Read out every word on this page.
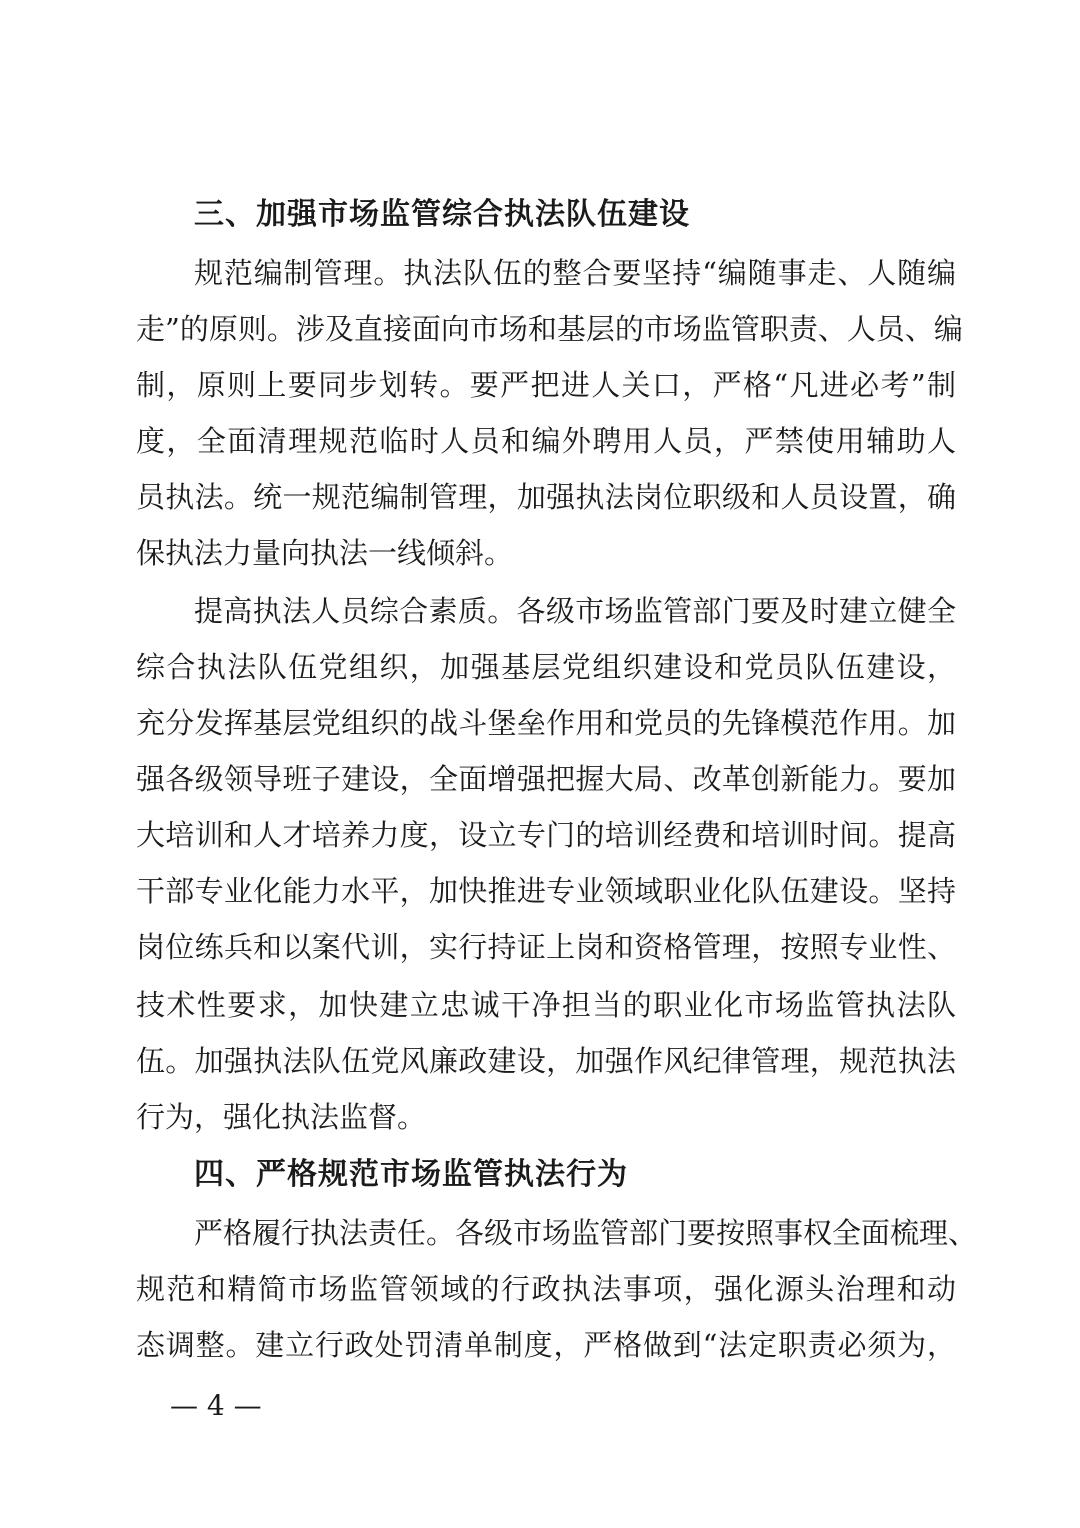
三、加强市场监管综合执法队伍建设
规范编制管理。执法队伍的整合要坚持“编随事走、人随编
走”的原则。涉及直接面向市场和基层的市场监管职责、人员、编
制，原则上要同步划转。要严把进人关口，严格“凡进必考”制
度，全面清理规范临时人员和编外聘用人员，严禁使用辅助人
员执法。统一规范编制管理，加强执法岗位职级和人员设置，确
保执法力量向执法一线倾斜。
提高执法人员综合素质。各级市场监管部门要及时建立健全
综合执法队伍党组织，加强基层党组织建设和党员队伍建设，
充分发挥基层党组织的战斗堡垒作用和党员的先锋模范作用。加
强各级领导班子建设，全面增强把握大局、改革创新能力。要加
大培训和人才培养力度，设立专门的培训经费和培训时间。提高
干部专业化能力水平，加快推进专业领域职业化队伍建设。坚持
岗位练兵和以案代训，实行持证上岗和资格管理，按照专业性、
技术性要求，加快建立忠诚干净担当的职业化市场监管执法队
伍。加强执法队伍党风廉政建设，加强作风纪律管理，规范执法
行为，强化执法监督。
四、严格规范市场监管执法行为
严格履行执法责任。各级市场监管部门要按照事权全面梳理、
规范和精简市场监管领域的行政执法事项，强化源头治理和动
态调整。建立行政处罚清单制度，严格做到“法定职责必须为，
— 4 —
